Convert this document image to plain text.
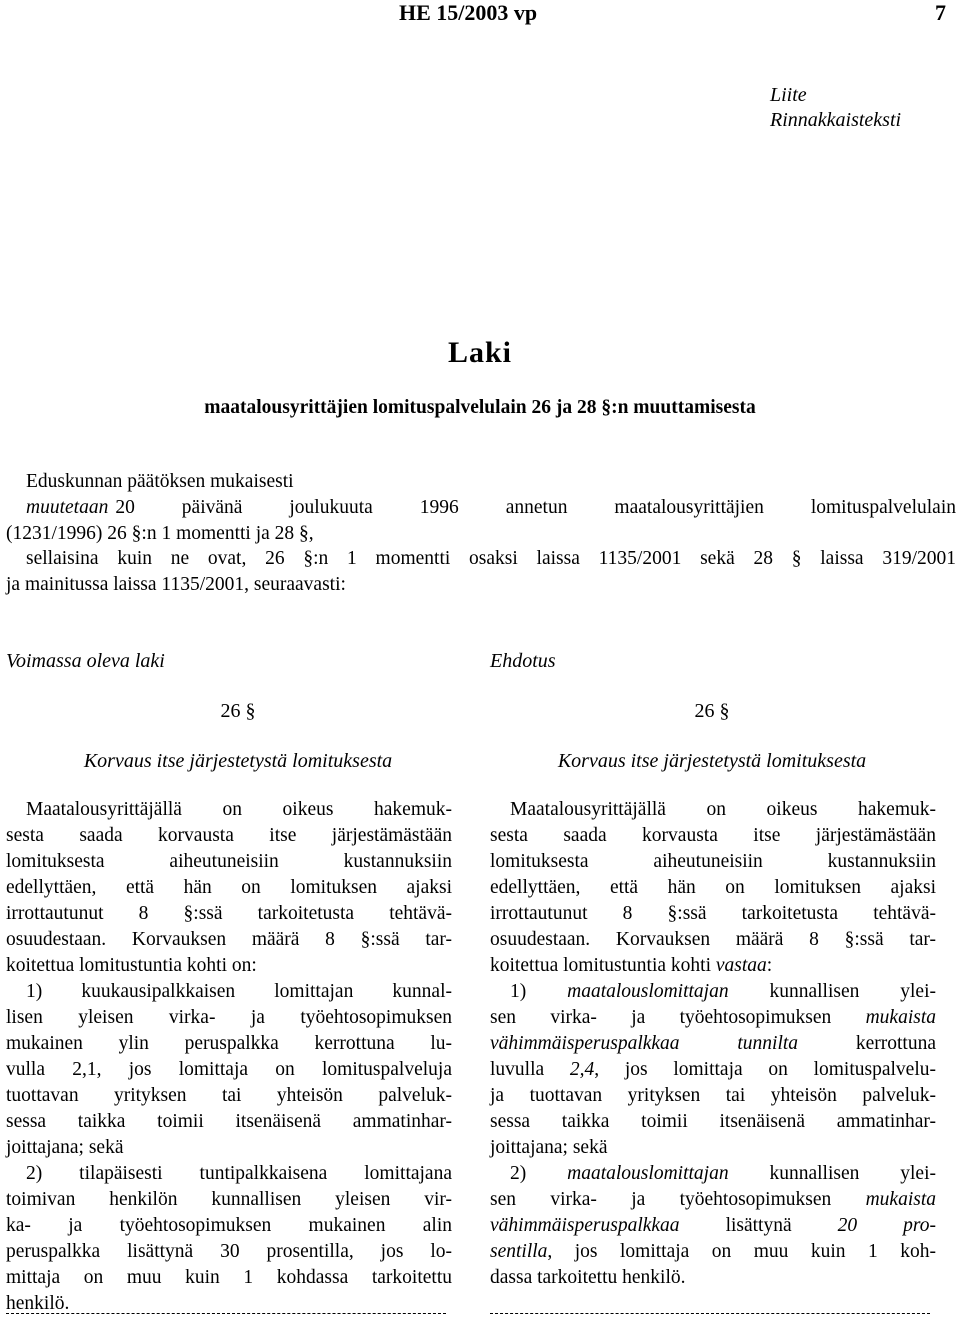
HE 15/2003 vp	7
Liite
Rinnakkaisteksti
Laki
maatalousyrittäjien lomituspalvelulain 26 ja 28 §:n muuttamisesta
Eduskunnan päätöksen mukaisesti
muutetaan 20 päivänä joulukuuta 1996 annetun maatalousyrittäjien lomituspalvelulain
(1231/1996) 26 §:n 1 momentti ja 28 §,
sellaisina kuin ne ovat, 26 §:n 1 momentti osaksi laissa 1135/2001 sekä 28 § laissa 319/2001
ja mainitussa laissa 1135/2001, seuraavasti:
Voimassa oleva laki
26 §
Korvaus itse järjestetystä lomituksesta
Maatalousyrittäjällä on oikeus hakemuk-
sesta saada korvausta itse järjestämästään
lomituksesta aiheutuneisiin kustannuksiin
edellyttäen, että hän on lomituksen ajaksi
irrottautunut 8 §:ssä tarkoitetusta tehtävä-
osuudestaan. Korvauksen määrä 8 §:ssä tar-
koitettua lomitustuntia kohti on:
1) kuukausipalkkaisen lomittajan kunnal-
lisen yleisen virka- ja työehtosopimuksen
mukainen ylin peruspalkka kerrottuna lu-
vulla 2,1, jos lomittaja on lomituspalveluja
tuottavan yrityksen tai yhteisön palveluk-
sessa taikka toimii itsenäisenä ammatinhar-
joittajana; sekä
2) tilapäisesti tuntipalkkaisena lomittajana
toimivan henkilön kunnallisen yleisen vir-
ka- ja työehtosopimuksen mukainen alin
peruspalkka lisättynä 30 prosentilla, jos lo-
mittaja on muu kuin 1 kohdassa tarkoitettu
henkilö.
Ehdotus
26 §
Korvaus itse järjestetystä lomituksesta
Maatalousyrittäjällä on oikeus hakemuk-
sesta saada korvausta itse järjestämästään
lomituksesta aiheutuneisiin kustannuksiin
edellyttäen, että hän on lomituksen ajaksi
irrottautunut 8 §:ssä tarkoitetusta tehtävä-
osuudestaan. Korvauksen määrä 8 §:ssä tar-
koitettua lomitustuntia kohti vastaa:
1) maatalouslomittajan kunnallisen ylei-
sen virka- ja työehtosopimuksen mukaista
vähimmäisperuspalkkaa tunnilta kerrottuna
luvulla 2,4, jos lomittaja on lomituspalvelu-
ja tuottavan yrityksen tai yhteisön palveluk-
sessa taikka toimii itsenäisenä ammatinhar-
joittajana; sekä
2) maatalouslomittajan kunnallisen ylei-
sen virka- ja työehtosopimuksen mukaista
vähimmäisperuspalkkaa lisättynä 20 pro-
sentilla, jos lomittaja on muu kuin 1 koh-
dassa tarkoitettu henkilö.
